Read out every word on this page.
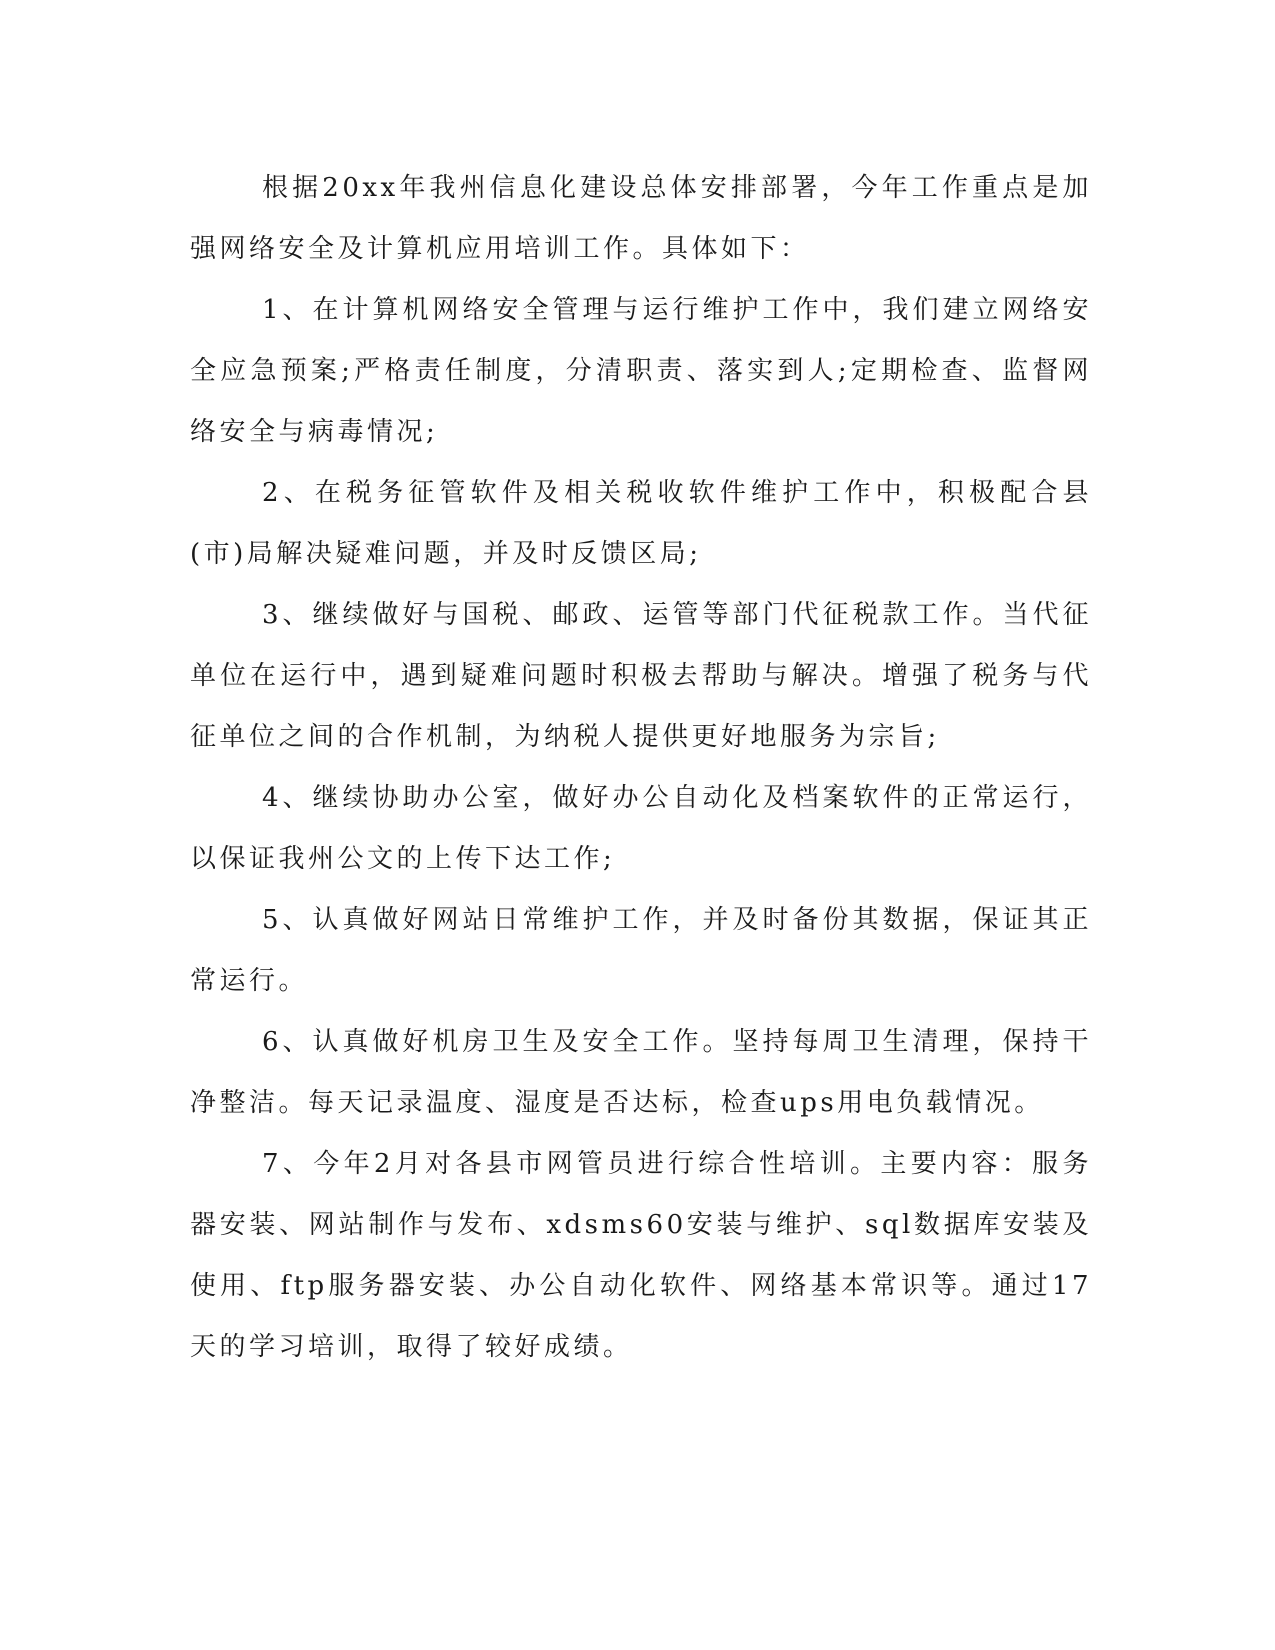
根据20xx年我州信息化建设总体安排部署，今年工作重点是加强网络安全及计算机应用培训工作。具体如下：

1、在计算机网络安全管理与运行维护工作中，我们建立网络安全应急预案;严格责任制度，分清职责、落实到人;定期检查、监督网络安全与病毒情况;

2、在税务征管软件及相关税收软件维护工作中，积极配合县(市)局解决疑难问题，并及时反馈区局;

3、继续做好与国税、邮政、运管等部门代征税款工作。当代征单位在运行中，遇到疑难问题时积极去帮助与解决。增强了税务与代征单位之间的合作机制，为纳税人提供更好地服务为宗旨;

4、继续协助办公室，做好办公自动化及档案软件的正常运行，以保证我州公文的上传下达工作;

5、认真做好网站日常维护工作，并及时备份其数据，保证其正常运行。

6、认真做好机房卫生及安全工作。坚持每周卫生清理，保持干净整洁。每天记录温度、湿度是否达标，检查ups用电负载情况。

7、今年2月对各县市网管员进行综合性培训。主要内容：服务器安装、网站制作与发布、xdsms60安装与维护、sql数据库安装及使用、ftp服务器安装、办公自动化软件、网络基本常识等。通过17天的学习培训，取得了较好成绩。
